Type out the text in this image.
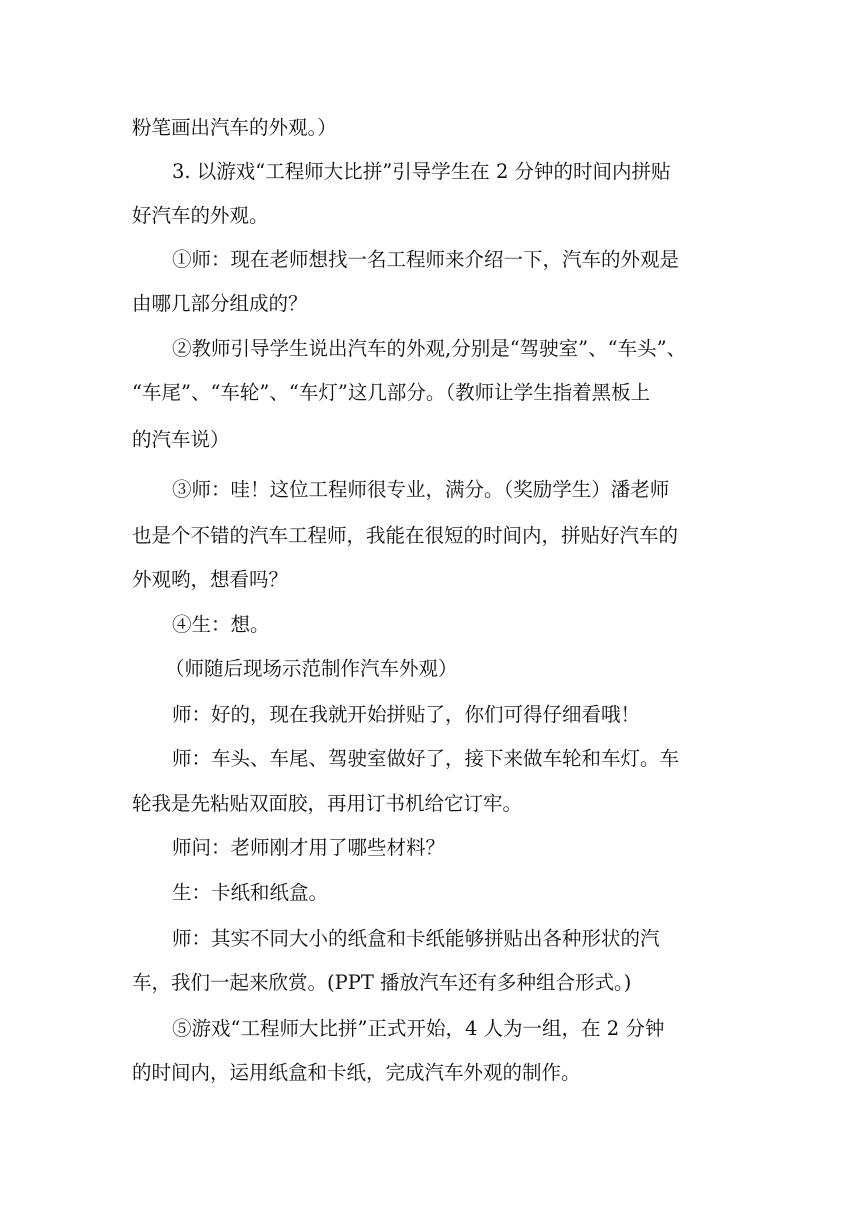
粉笔画出汽车的外观。）
3. 以游戏“工程师大比拼”引导学生在 2 分钟的时间内拼贴
好汽车的外观。
①师：现在老师想找一名工程师来介绍一下，汽车的外观是
由哪几部分组成的？
②教师引导学生说出汽车的外观,分别是“驾驶室”、“车头”、
“车尾”、“车轮”、“车灯”这几部分。（教师让学生指着黑板上
的汽车说）
③师：哇！这位工程师很专业，满分。（奖励学生）潘老师
也是个不错的汽车工程师，我能在很短的时间内，拼贴好汽车的
外观哟，想看吗？
④生：想。
（师随后现场示范制作汽车外观）
师：好的，现在我就开始拼贴了，你们可得仔细看哦！
师：车头、车尾、驾驶室做好了，接下来做车轮和车灯。车
轮我是先粘贴双面胶，再用订书机给它订牢。
师问：老师刚才用了哪些材料？
生：卡纸和纸盒。
师：其实不同大小的纸盒和卡纸能够拼贴出各种形状的汽
车，我们一起来欣赏。(PPT 播放汽车还有多种组合形式。)
⑤游戏“工程师大比拼”正式开始，4 人为一组，在 2 分钟
的时间内，运用纸盒和卡纸，完成汽车外观的制作。
